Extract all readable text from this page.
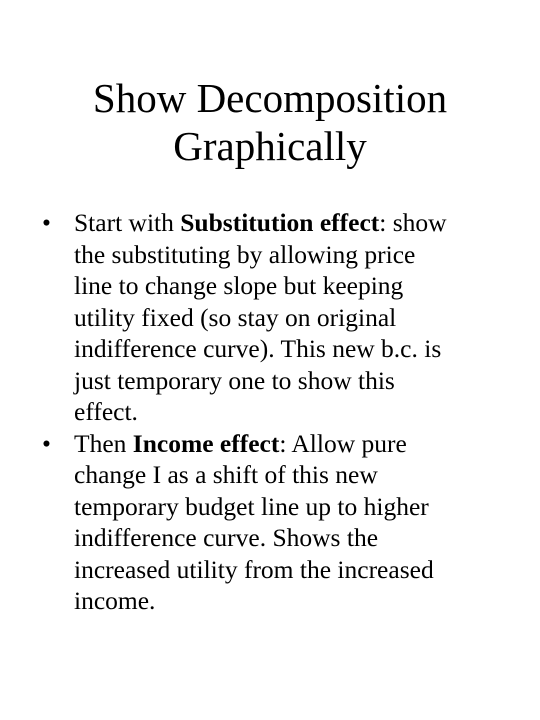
Show Decomposition
Graphically
• Start with Substitution effect: show
the substituting by allowing price
line to change slope but keeping
utility fixed (so stay on original
indifference curve). This new b.c. is
just temporary one to show this
effect.
• Then Income effect: Allow pure
change I as a shift of this new
temporary budget line up to higher
indifference curve. Shows the
increased utility from the increased
income.
